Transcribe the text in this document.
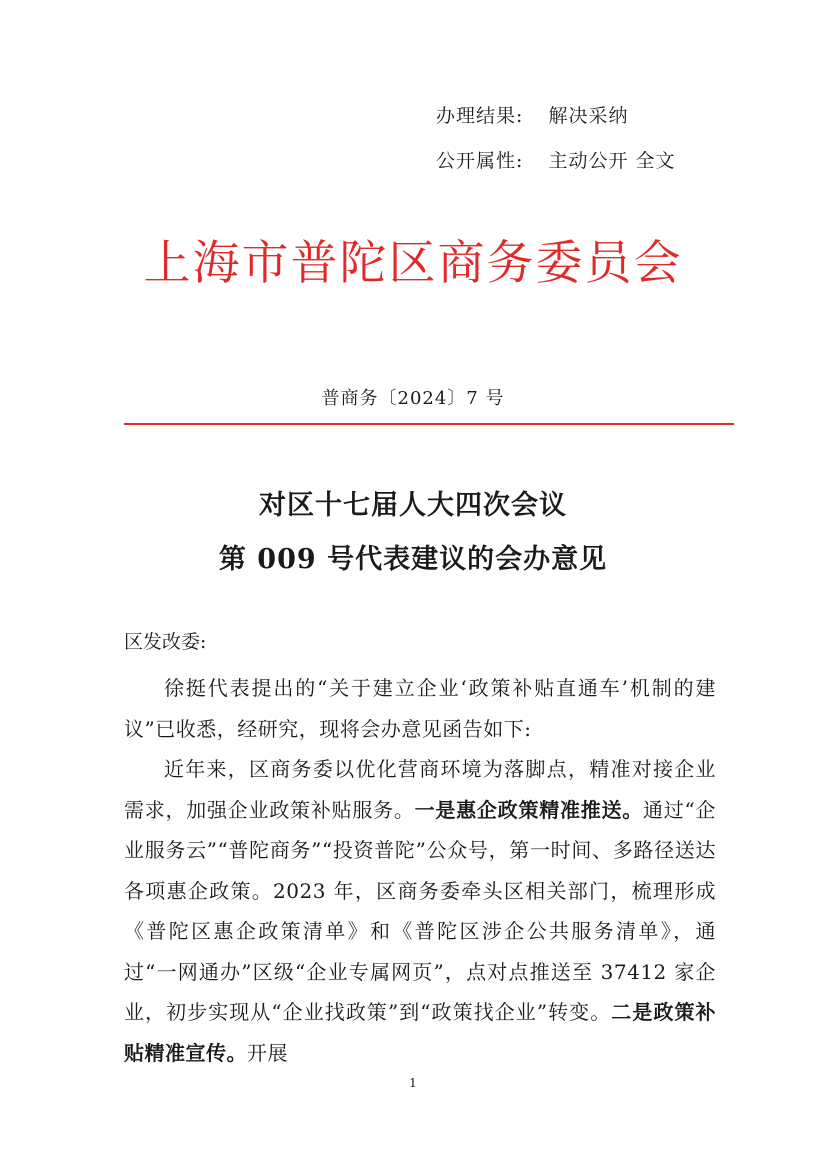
办理结果: 解决采纳
公开属性: 主动公开 全文
上海市普陀区商务委员会
普商务〔2024〕7 号
对区十七届人大四次会议
第 009 号代表建议的会办意见
区发改委:

徐挺代表提出的“关于建立企业‘政策补贴直通车’机制的建议”已收悉，经研究，现将会办意见函告如下:

近年来，区商务委以优化营商环境为落脚点，精准对接企业需求，加强企业政策补贴服务。一是惠企政策精准推送。通过“企业服务云”“普陀商务”“投资普陀”公众号，第一时间、多路径送达各项惠企政策。2023 年，区商务委牵头区相关部门，梳理形成《普陀区惠企政策清单》和《普陀区涉企公共服务清单》，通过“一网通办”区级“企业专属网页”，点对点推送至 37412 家企业，初步实现从“企业找政策”到“政策找企业”转变。二是政策补贴精准宣传。开展

1
